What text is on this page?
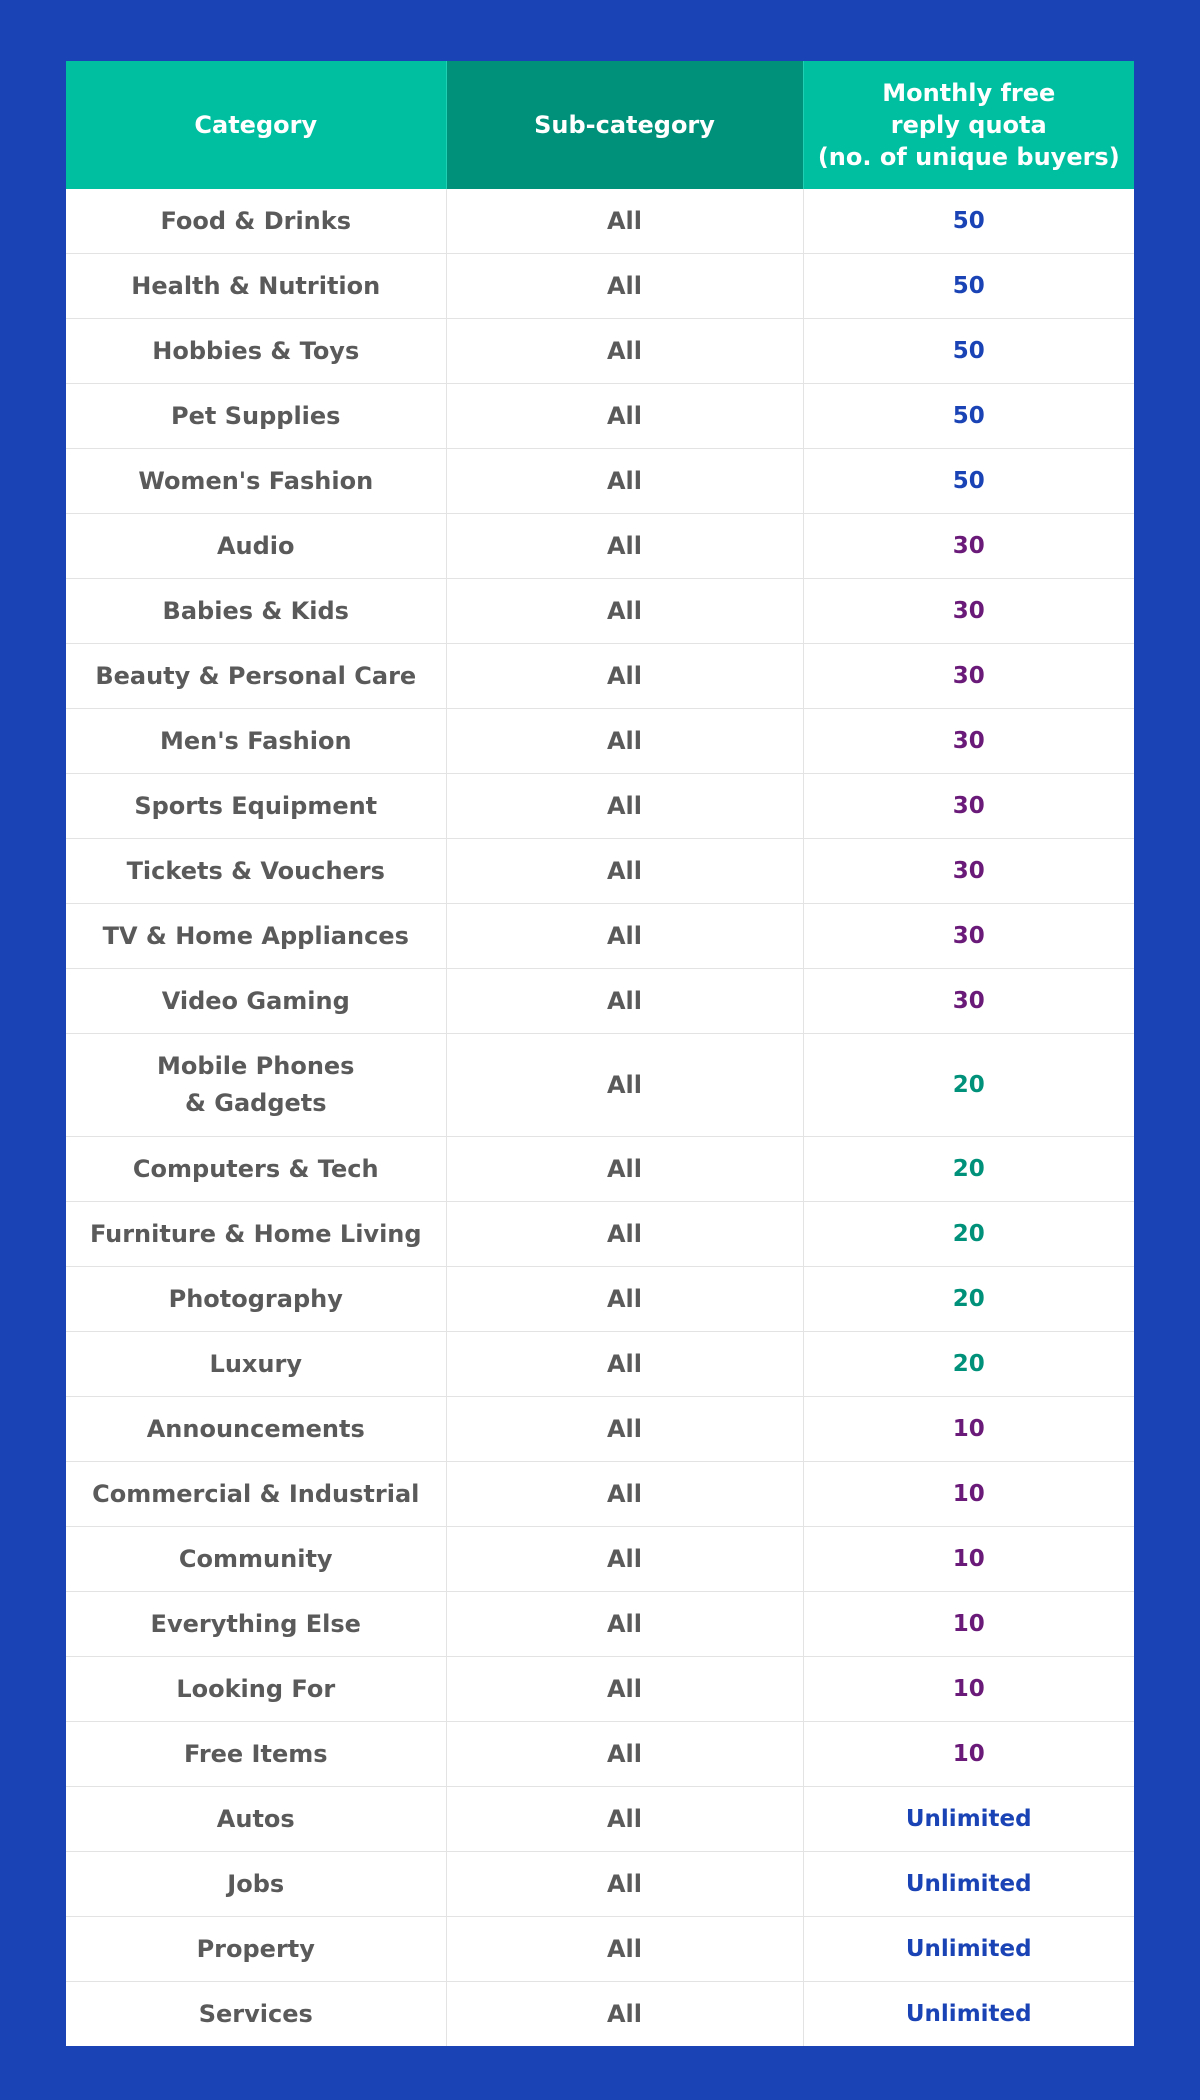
Category	Sub-category	Monthly free
reply quota
(no. of unique buyers)

Food & Drinks	All	50

Health & Nutrition	All	50

Hobbies & Toys	All	50

Pet Supplies	All	50

Women's Fashion	All	50

Audio	All	30

Babies & Kids	All	30

Beauty & Personal Care	All	30

Men's Fashion	All	30

Sports Equipment	All	30

Tickets & Vouchers	All	30

TV & Home Appliances	All	30

Video Gaming	All	30

Mobile Phones
& Gadgets	All	20

Computers & Tech	All	20

Furniture & Home Living	All	20

Photography	All	20

Luxury	All	20

Announcements	All	10

Commercial & Industrial	All	10

Community	All	10

Everything Else	All	10

Looking For	All	10

Free Items	All	10

Autos	All	Unlimited

Jobs	All	Unlimited

Property	All	Unlimited

Services	All	Unlimited
